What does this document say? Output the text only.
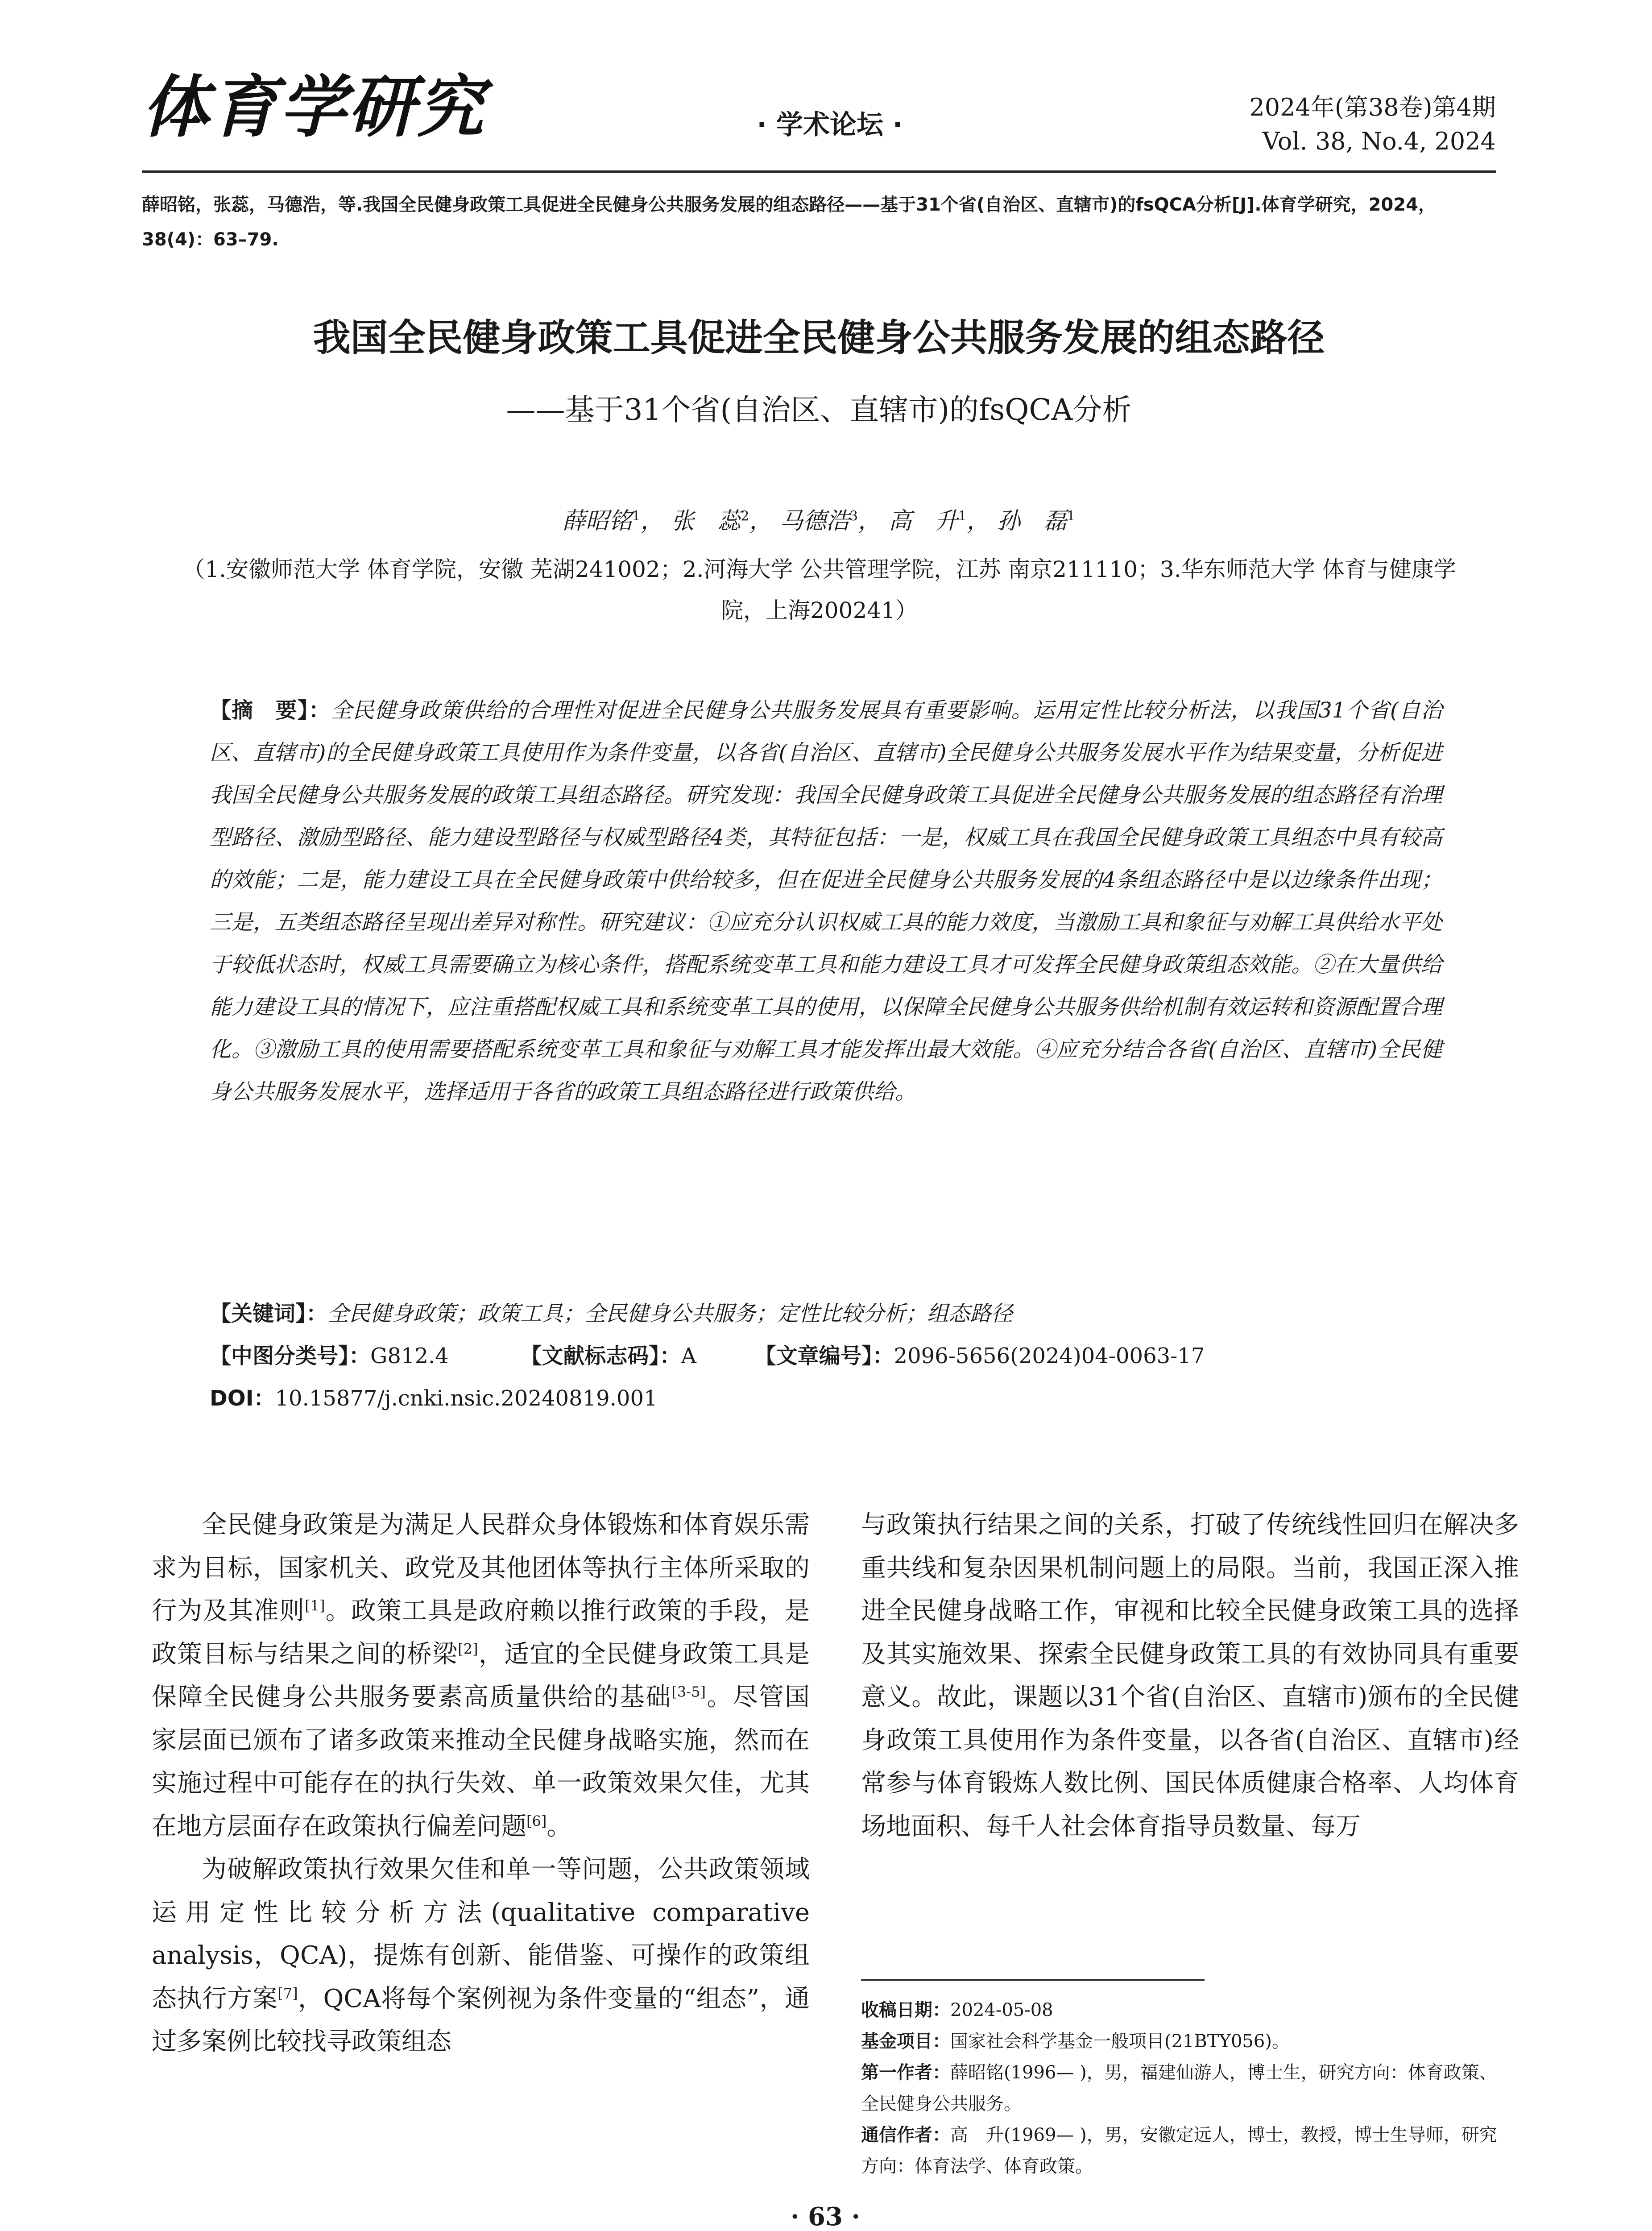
体育学研究	· 学术论坛 ·
2024年(第38卷)第4期
Vol. 38, No.4, 2024
薛昭铭，张蕊，马德浩，等.我国全民健身政策工具促进全民健身公共服务发展的组态路径——基于31个省(自治区、直辖市)的fsQCA分析[J].体育学研究，2024，38(4)：63–79.
我国全民健身政策工具促进全民健身公共服务发展的组态路径
——基于31个省(自治区、直辖市)的fsQCA分析
薛昭铭$^1$， 张　蕊$^2$， 马德浩$^3$， 高　升$^1$， 孙　磊$^1$
（1.安徽师范大学 体育学院，安徽 芜湖241002；2.河海大学 公共管理学院，江苏 南京211110；3.华东师范大学 体育与健康学院，上海200241）
【摘　要】：全民健身政策供给的合理性对促进全民健身公共服务发展具有重要影响。运用定性比较分析法，以我国31个省(自治区、直辖市)的全民健身政策工具使用作为条件变量，以各省(自治区、直辖市)全民健身公共服务发展水平作为结果变量，分析促进我国全民健身公共服务发展的政策工具组态路径。研究发现：我国全民健身政策工具促进全民健身公共服务发展的组态路径有治理型路径、激励型路径、能力建设型路径与权威型路径4类，其特征包括：一是，权威工具在我国全民健身政策工具组态中具有较高的效能；二是，能力建设工具在全民健身政策中供给较多，但在促进全民健身公共服务发展的4条组态路径中是以边缘条件出现；三是，五类组态路径呈现出差异对称性。研究建议：①应充分认识权威工具的能力效度，当激励工具和象征与劝解工具供给水平处于较低状态时，权威工具需要确立为核心条件，搭配系统变革工具和能力建设工具才可发挥全民健身政策组态效能。②在大量供给能力建设工具的情况下，应注重搭配权威工具和系统变革工具的使用，以保障全民健身公共服务供给机制有效运转和资源配置合理化。③激励工具的使用需要搭配系统变革工具和象征与劝解工具才能发挥出最大效能。④应充分结合各省(自治区、直辖市)全民健身公共服务发展水平，选择适用于各省的政策工具组态路径进行政策供给。
【关键词】：全民健身政策；政策工具；全民健身公共服务；定性比较分析；组态路径
【中图分类号】：G812.4	【文献标志码】：A	【文章编号】：2096-5656(2024)04-0063-17
DOI：10.15877/j.cnki.nsic.20240819.001

全民健身政策是为满足人民群众身体锻炼和体育娱乐需求为目标，国家机关、政党及其他团体等执行主体所采取的行为及其准则[1]。政策工具是政府赖以推行政策的手段，是政策目标与结果之间的桥梁[2]，适宜的全民健身政策工具是保障全民健身公共服务要素高质量供给的基础[3-5]。尽管国家层面已颁布了诸多政策来推动全民健身战略实施，然而在实施过程中可能存在的执行失效、单一政策效果欠佳，尤其在地方层面存在政策执行偏差问题[6]。

为破解政策执行效果欠佳和单一等问题，公共政策领域运用定性比较分析方法(qualitative comparative analysis，QCA)，提炼有创新、能借鉴、可操作的政策组态执行方案[7]，QCA将每个案例视为条件变量的“组态”，通过多案例比较找寻政策组态

与政策执行结果之间的关系，打破了传统线性回归在解决多重共线和复杂因果机制问题上的局限。当前，我国正深入推进全民健身战略工作，审视和比较全民健身政策工具的选择及其实施效果、探索全民健身政策工具的有效协同具有重要意义。故此，课题以31个省(自治区、直辖市)颁布的全民健身政策工具使用作为条件变量，以各省(自治区、直辖市)经常参与体育锻炼人数比例、国民体质健康合格率、人均体育场地面积、每千人社会体育指导员数量、每万

收稿日期：2024-05-08

基金项目：国家社会科学基金一般项目(21BTY056)。

第一作者：薛昭铭(1996— )，男，福建仙游人，博士生，研究方向：体育政策、全民健身公共服务。

通信作者：高　升(1969— )，男，安徽定远人，博士，教授，博士生导师，研究方向：体育法学、体育政策。

· 63 ·
